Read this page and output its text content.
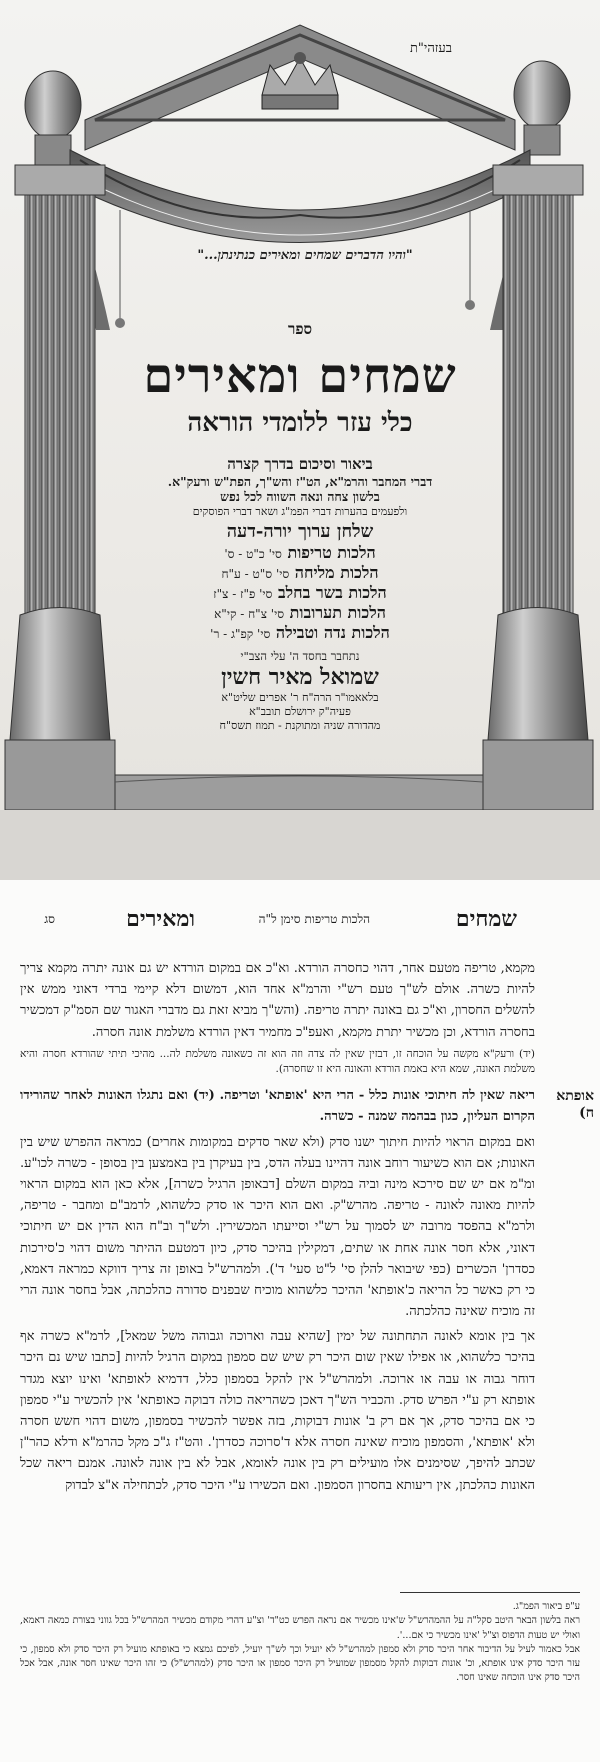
בעזהי"ת
"והיו הדברים שמחים ומאירים כנתינתן..."
ספר
שמחים ומאירים
כלי עזר ללומדי הוראה
ביאור וסיכום בדרך קצרה
דברי המחבר והרמ"א, הט"ז והש"ך, הפת"ש ורעק"א.
בלשון צחה ונאה השווה לכל נפש
ולפעמים בהערות דברי הפמ"ג ושאר דברי הפוסקים
שלחן ערוך יורה-דעה
הלכות טריפות סי' כ"ט - ס'
הלכות מליחה סי' ס"ט - ע"ח
הלכות בשר בחלב סי' פ"ז - צ"ז
הלכות תערובות סי' צ"ח - קי"א
הלכות נדה וטבילה סי' קפ"ג - ר'
נתחבר בחסד ה' עלי הצב"י
שמואל מאיר חשין
בלאאמו"ר הרה"ח ר' אפרים שליט"א
פעיה"ק ירושלם תובב"א
מהדורה שניה ומתוקנת - תמוז תשס"ח
שמחים
הלכות טריפות סימן ל"ה
ומאירים
סג
אופתא
ח)

מקמא, טריפה מטעם אחר, דהוי כחסרה הורדא. וא"כ אם במקום הורדא יש גם אונה יתרה מקמא צריך להיות כשרה. אולם לש"ך טעם רש"י והרמ"א אחד הוא, דמשום דלא קיימי ברדי דאוני ממש אין להשלים החסרון, וא"כ גם באונה יתרה טריפה. (והש"ך מביא זאת גם מדברי האגור שם הסמ"ק דמכשיר בחסרה הורדא, וכן מכשיר יתרת מקמא, ואעפ"כ מחמיר דאין הורדא משלמת אונה חסרה.

(יד) ורעק"א מקשה על הוכחה זו, דבזין שאין לה צדה וזה הוא זה כשאונה משלמת לה... מהיכי תיתי שהורדא חסרה והיא משלמת האונה, שמא היא באמת הורדא והאונה היא זו שחסרה).

ריאה שאין לה חיתוכי אונות כלל - הרי היא 'אופתא' וטריפה. (יד) ואם נתגלו האונות לאחר שהורידו הקרום העליון, כגון בבהמה שמנה - כשרה.

ואם במקום הראוי להיות חיתוך ישנו סדק (ולא שאר סדקים במקומות אחרים) כמראה ההפרש שיש בין האונות; אם הוא כשיעור רוחב אונה דהיינו בעלה הדס, בין בעיקרן בין באמצען בין בסופן - כשרה לכו"ע. ומ"מ אם יש שם סירכא מינה וביה במקום השלם [דבאופן הרגיל כשרה], אלא כאן הוא במקום הראוי להיות מאונה לאונה - טריפה. מהרש"ק. ואם הוא היכר או סדק כלשהוא, לרמב"ם ומחבר - טריפה, ולרמ"א בהפסד מרובה יש לסמוך על רש"י וסייעתו המכשירין. ולש"ך וב"ח הוא הדין אם יש חיתוכי דאוני, אלא חסר אונה אחת או שתים, דמקילין בהיכר סדק, כיון דמטעם ההיתר משום דהוי כ'סירכות כסדרן' הכשרים (כפי שיבואר להלן סי' ל"ט סעי' ד'). ולמהרש"ל באופן זה צריך דווקא כמראה דאמא, כי רק כאשר כל הריאה כ'אופתא' ההיכר כלשהוא מוכיח שבפנים סדורה כהלכתה, אבל בחסר אונה הרי זה מוכיח שאינה כהלכתה.

אך בין אומא לאונה התחתונה של ימין [שהיא עבה וארוכה וגבוהה משל שמאל], לרמ"א כשרה אף בהיכר כלשהוא, או אפילו שאין שום היכר רק שיש שם סמפון במקום הרגיל להיות [כתבו שיש נם היכר דוחר גבוה או עבה או ארוכה. ולמהרש"ל אין להקל בסמפון כלל, דדמיא לאופתא' ואינו יוצא מגדר אופתא רק ע"י הפרש סדק. והכביר הש"ך דאכן כשהריאה כולה דבוקה כאופתא' אין להכשיר ע"י סמפון כי אם בהיכר סדק, אך אם רק ב' אונות דבוקות, בזה אפשר להכשיר בסמפון, משום דהוי חשש חסרה ולא 'אופתא', והסמפון מוכיח שאינה חסרה אלא ד'סרוכה כסדרן'. והט"ז ג"כ מקל כהרמ"א ודלא כהר"ן שכתב להיפך, שסימנים אלו מועילים רק בין אונה לאומא, אבל לא בין אונה לאונה. אמנם ריאה שכל האונות כהלכתן, אין ריעותא בחסרון הסמפון. ואם הכשירו ע"י היכר סדק, לכתחילה א"צ לבדוק

ע"פ ביאור הפמ"ג.
ראה בלשון הבאר היטב סקל"ה על ההמהרש"ל ש'אינו מכשיר אם נראה הפרש כט"ד' וצ"ע דהרי מקודם מכשיר המהרש"ל בכל גווני בצורת כמאה דאמא, ואולי יש טעות הדפוס וצ"ל 'אינו מכשיר כי אם...'.
אבל כאמור לעיל על הדיבור אחר היכר סדק ולא סמפון למהרש"ל לא יועיל וכך לש"ך יועיל, לפיכם גמצא כי באופתא מועיל רק היכר סדק ולא סמפון, כי עזר היכר סדק אינו אופתא, וכ' אונות דבוקות להקל מסמפון שמועיל רק היכר סמפון או היכר סדק (למהרש"ל) כי זהו היכר שאינו חסר אונה, אבל אכל היכר סדק אינו הוכחה שאינו חסר.
